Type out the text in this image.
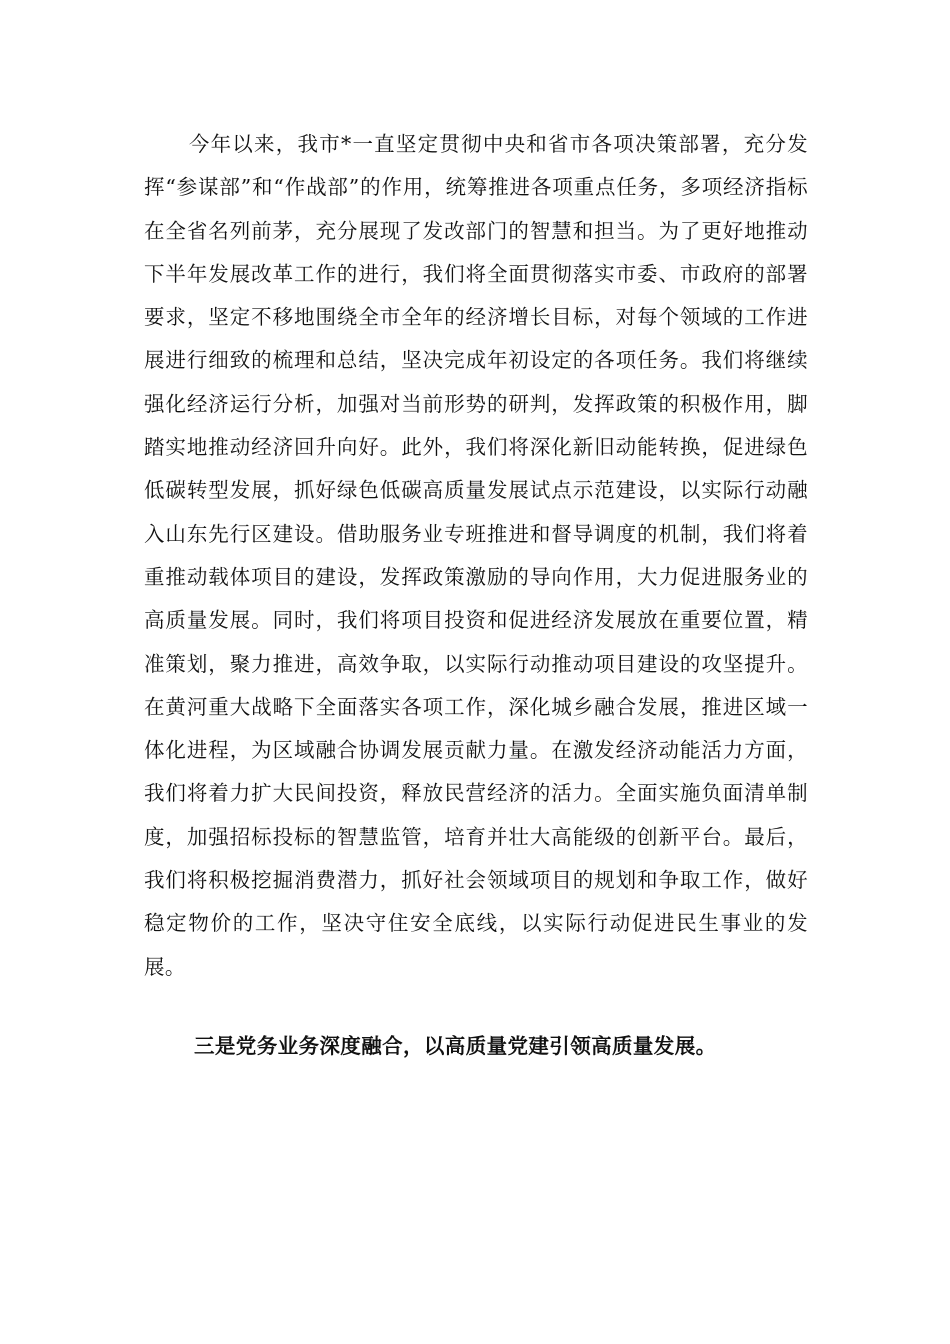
今年以来，我市*一直坚定贯彻中央和省市各项决策部署，充分发挥“参谋部”和“作战部”的作用，统筹推进各项重点任务，多项经济指标在全省名列前茅，充分展现了发改部门的智慧和担当。为了更好地推动下半年发展改革工作的进行，我们将全面贯彻落实市委、市政府的部署要求，坚定不移地围绕全市全年的经济增长目标，对每个领域的工作进展进行细致的梳理和总结，坚决完成年初设定的各项任务。我们将继续强化经济运行分析，加强对当前形势的研判，发挥政策的积极作用，脚踏实地推动经济回升向好。此外，我们将深化新旧动能转换，促进绿色低碳转型发展，抓好绿色低碳高质量发展试点示范建设，以实际行动融入山东先行区建设。借助服务业专班推进和督导调度的机制，我们将着重推动载体项目的建设，发挥政策激励的导向作用，大力促进服务业的高质量发展。同时，我们将项目投资和促进经济发展放在重要位置，精准策划，聚力推进，高效争取，以实际行动推动项目建设的攻坚提升。在黄河重大战略下全面落实各项工作，深化城乡融合发展，推进区域一体化进程，为区域融合协调发展贡献力量。在激发经济动能活力方面，我们将着力扩大民间投资，释放民营经济的活力。全面实施负面清单制度，加强招标投标的智慧监管，培育并壮大高能级的创新平台。最后，我们将积极挖掘消费潜力，抓好社会领域项目的规划和争取工作，做好稳定物价的工作，坚决守住安全底线，以实际行动促进民生事业的发展。

三是党务业务深度融合，以高质量党建引领高质量发展。
